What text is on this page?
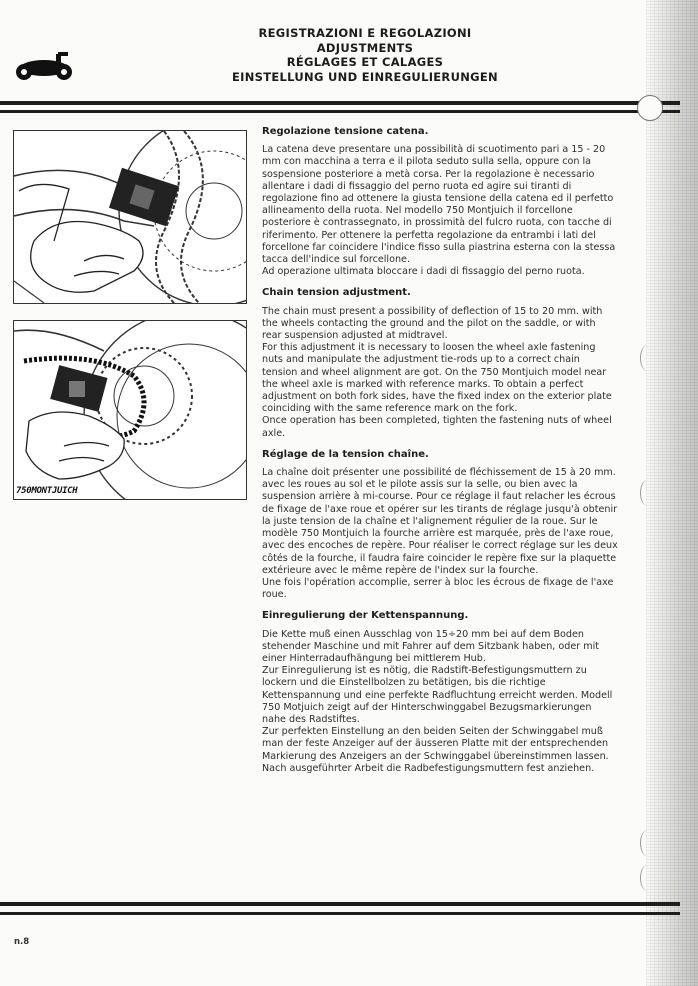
REGISTRAZIONI E REGOLAZIONI
ADJUSTMENTS
RÉGLAGES ET CALAGES
EINSTELLUNG UND EINREGULIERUNGEN
750MONTJUICH
Regolazione tensione catena.

La catena deve presentare una possibilità di scuotimento pari a 15 - 20 mm con macchina a terra e il pilota seduto sulla sella, oppure con la sospensione posteriore a metà corsa. Per la regolazione è necessario allentare i dadi di fissaggio del perno ruota ed agire sui tiranti di regolazione fino ad ottenere la giusta tensione della catena ed il perfetto allineamento della ruota. Nel modello 750 Montjuich il forcellone posteriore è contrassegnato, in prossimità del fulcro ruota, con tacche di riferimento. Per ottenere la perfetta regolazione da entrambi i lati del forcellone far coincidere l'indice fisso sulla piastrina esterna con la stessa tacca dell'indice sul forcellone.

Ad operazione ultimata bloccare i dadi di fissaggio del perno ruota.

Chain tension adjustment.

The chain must present a possibility of deflection of 15 to 20 mm. with the wheels contacting the ground and the pilot on the saddle, or with rear suspension adjusted at midtravel.

For this adjustment it is necessary to loosen the wheel axle fastening nuts and manipulate the adjustment tie-rods up to a correct chain tension and wheel alignment are got. On the 750 Montjuich model near the wheel axle is marked with reference marks. To obtain a perfect adjustment on both fork sides, have the fixed index on the exterior plate coinciding with the same reference mark on the fork.

Once operation has been completed, tighten the fastening nuts of wheel axle.

Réglage de la tension chaîne.

La chaîne doit présenter une possibilité de fléchissement de 15 à 20 mm. avec les roues au sol et le pilote assis sur la selle, ou bien avec la suspension arrière à mi-course. Pour ce réglage il faut relacher les écrous de fixage de l'axe roue et opérer sur les tirants de réglage jusqu'à obtenir la juste tension de la chaîne et l'alignement régulier de la roue. Sur le modèle 750 Montjuich la fourche arrière est marquée, près de l'axe roue, avec des encoches de repère. Pour réaliser le correct réglage sur les deux côtés de la fourche, il faudra faire coincider le repère fixe sur la plaquette extérieure avec le même repère de l'index sur la fourche.

Une fois l'opération accomplie, serrer à bloc les écrous de fixage de l'axe roue.

Einregulierung der Kettenspannung.

Die Kette muß einen Ausschlag von 15÷20 mm bei auf dem Boden stehender Maschine und mit Fahrer auf dem Sitzbank haben, oder mit einer Hinterradaufhängung bei mittlerem Hub.

Zur Einregulierung ist es nötig, die Radstift-Befestigungsmuttern zu lockern und die Einstellbolzen zu betätigen, bis die richtige Kettenspannung und eine perfekte Radfluchtung erreicht werden. Modell 750 Motjuich zeigt auf der Hinterschwinggabel Bezugsmarkierungen nahe des Radstiftes.

Zur perfekten Einstellung an den beiden Seiten der Schwinggabel muß man der feste Anzeiger auf der äusseren Platte mit der entsprechenden Markierung des Anzeigers an der Schwinggabel übereinstimmen lassen.

Nach ausgeführter Arbeit die Radbefestigungsmuttern fest anziehen.

n.8
